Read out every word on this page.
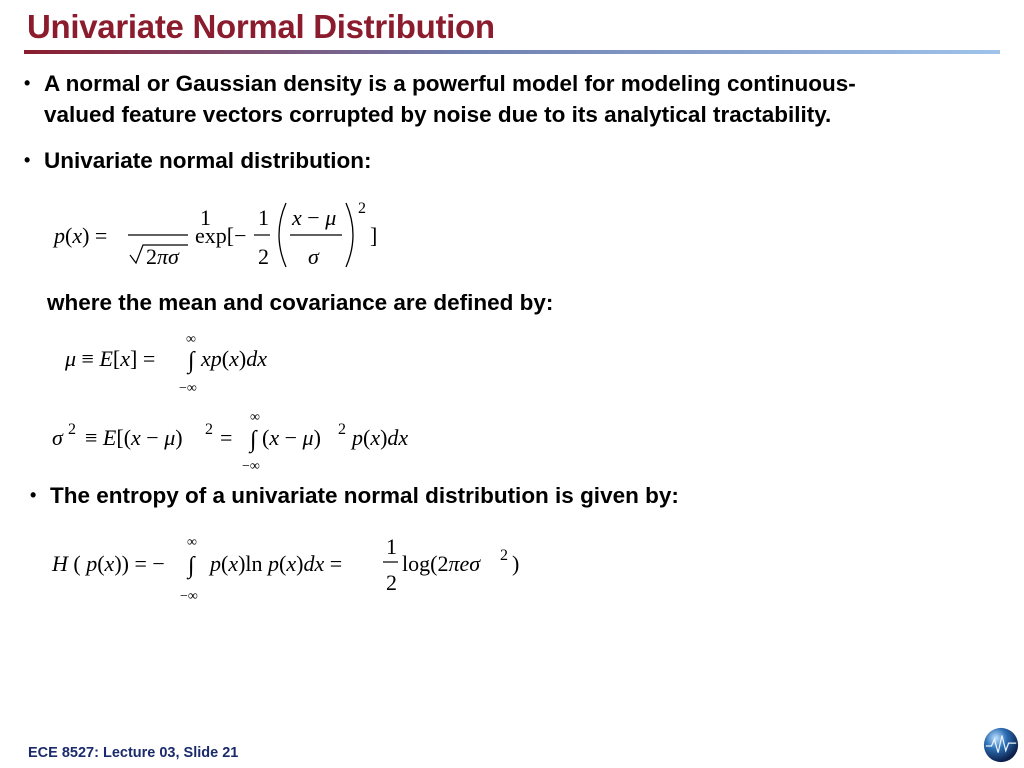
Univariate Normal Distribution
• A normal or Gaussian density is a powerful model for modeling continuous-
valued feature vectors corrupted by noise due to its analytical tractability.
• Univariate normal distribution:
p(x) =
1
2πσ
exp[−
1
2
x − μ
σ
2
]
where the mean and covariance are defined by:
∞
μ ≡ E[x] = ∫ xp(x)dx
−∞
∞
σ 2 ≡ E[(x − μ) 2 = ∫ (x − μ) 2 p(x)dx
−∞
• The entropy of a univariate normal distribution is given by:
∞
H ( p(x)) = − ∫ p(x)ln p(x)dx =
1
2
log(2πeσ 2 )
−∞
ECE 8527: Lecture 03, Slide 21
